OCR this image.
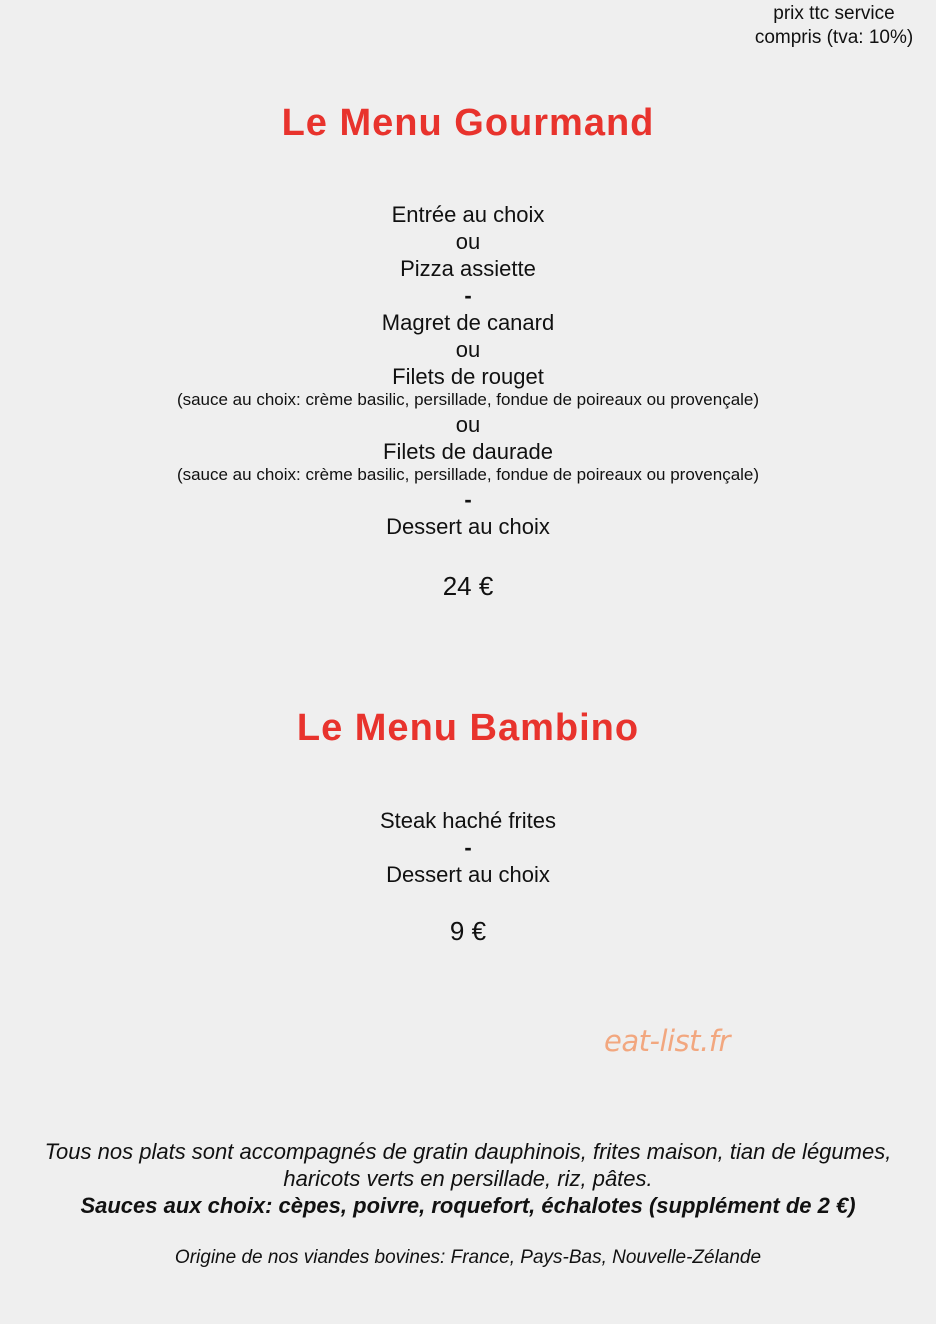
prix ttc service
compris (tva: 10%)
Le Menu Gourmand
Entrée au choix
ou
Pizza assiette
-
Magret de canard
ou
Filets de rouget
(sauce au choix: crème basilic, persillade, fondue de poireaux ou provençale)
ou
Filets de daurade
(sauce au choix: crème basilic, persillade, fondue de poireaux ou provençale)
-
Dessert au choix
24 €
Le Menu Bambino
Steak haché frites
-
Dessert au choix
9 €
eat-list.fr
Tous nos plats sont accompagnés de gratin dauphinois, frites maison, tian de légumes,
haricots verts en persillade, riz, pâtes.
Sauces aux choix: cèpes, poivre, roquefort, échalotes (supplément de 2 €)
Origine de nos viandes bovines: France, Pays-Bas, Nouvelle-Zélande
